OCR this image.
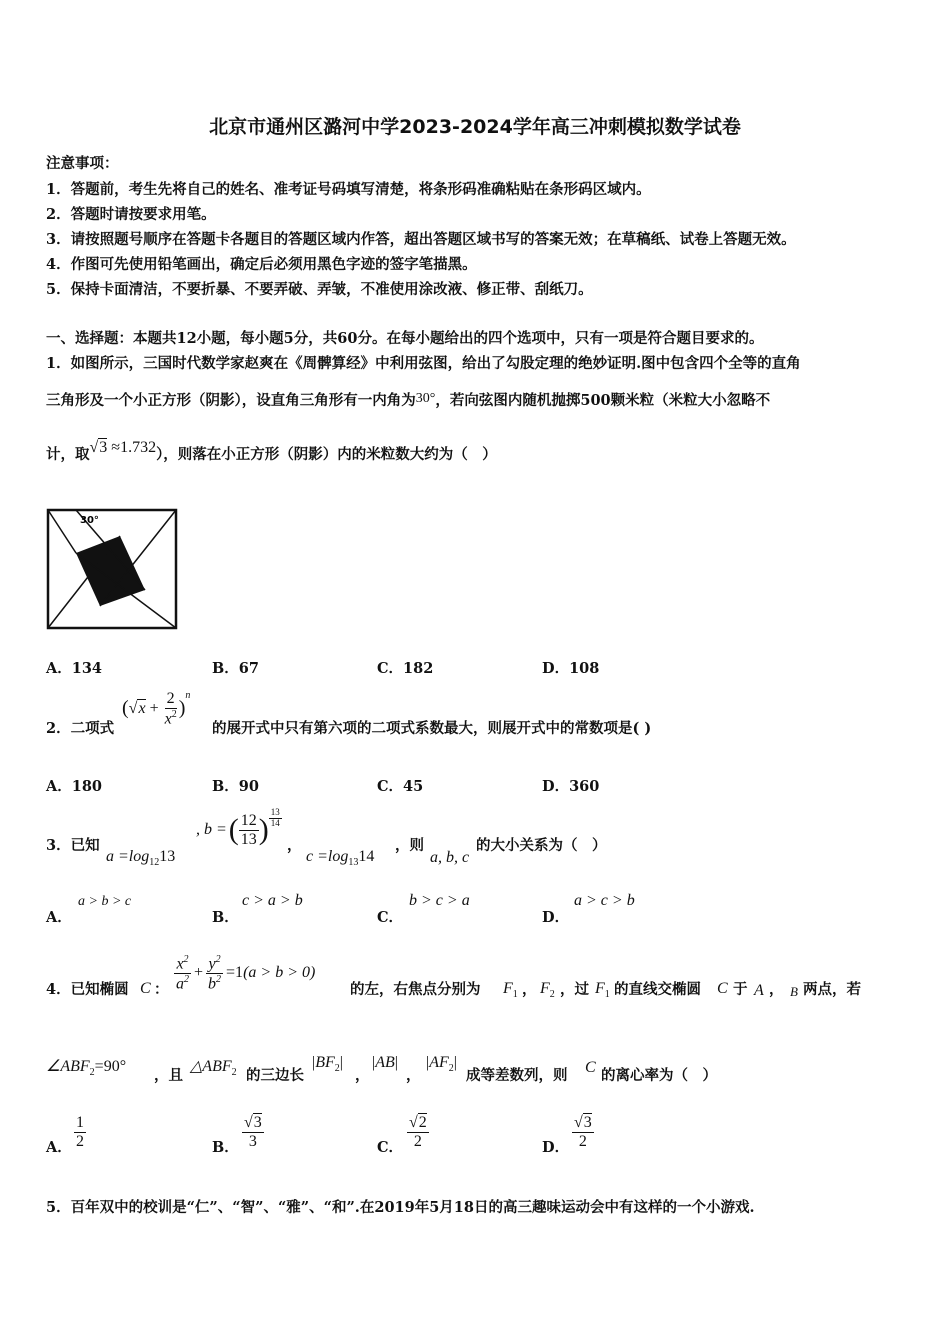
北京市通州区潞河中学2023-2024学年高三冲刺模拟数学试卷
注意事项：
1．答题前，考生先将自己的姓名、准考证号码填写清楚，将条形码准确粘贴在条形码区域内。
2．答题时请按要求用笔。
3．请按照题号顺序在答题卡各题目的答题区域内作答，超出答题区域书写的答案无效；在草稿纸、试卷上答题无效。
4．作图可先使用铅笔画出，确定后必须用黑色字迹的签字笔描黑。
5．保持卡面清洁，不要折暴、不要弄破、弄皱，不准使用涂改液、修正带、刮纸刀。
一、选择题：本题共12小题，每小题5分，共60分。在每小题给出的四个选项中，只有一项是符合题目要求的。
1．如图所示，三国时代数学家赵爽在《周髀算经》中利用弦图，给出了勾股定理的绝妙证明.图中包含四个全等的直角
三角形及一个小正方形（阴影），设直角三角形有一内角为30°，若向弦图内随机抛掷500颗米粒（米粒大小忽略不
计，取√3 ≈1.732），则落在小正方形（阴影）内的米粒数大约为（　）
30°
A．134	B．67	C．182	D．108
2．二项式
( $√x + \frac{2}{x^2}$ )
$^n$
的展开式中只有第六项的二项式系数最大，则展开式中的常数项是( )
A．180	B．90	C．45	D．360
3．已知
$a =\log_{12}13$
, b = ( $\frac{12}{13}$ ) $\frac{13}{14}$
，
$c =\log_{13}14$
，则
a, b, c
的大小关系为（　）
A．
a > b > c
B．
c > a > b
C．
b > c > a
D．
a > c > b
4．已知椭圆 C ： $\frac{x^2}{a^2} + \frac{y^2}{b^2} =1$ (a > b > 0)
的左，右焦点分别为 $F_1$ ， $F_2$ ，过 $F_1$ 的直线交椭圆 C 于 A ， B 两点，若
$\angle ABF_2=90^\circ$
，且
$\triangle ABF_2$ 的三边长
$|BF_2|$
，
|AB|
，
$|AF_2|$
成等差数列，则 C 的离心率为（　）
A． $\frac{1}{2}$	B． $\frac{√3}{3}$	C． $\frac{√2}{2}$	D． $\frac{√3}{2}$
5．百年双中的校训是“仁”、“智”、“雅”、“和”.在2019年5月18日的高三趣味运动会中有这样的一个小游戏.
